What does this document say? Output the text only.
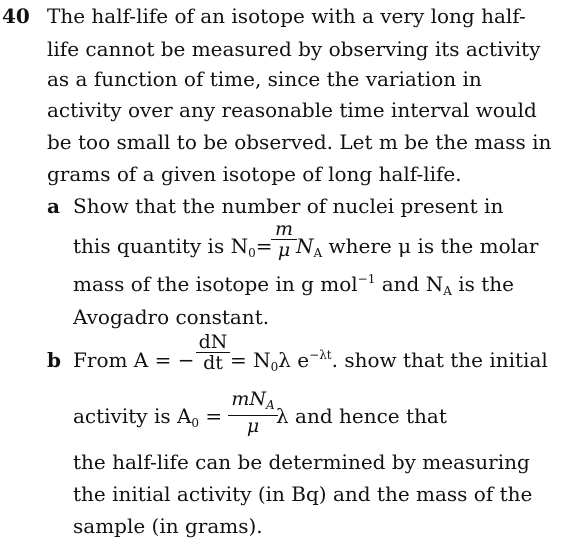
40 The half-life of an isotope with a very long half-
life cannot be measured by observing its activity
as a function of time, since the variation in
activity over any reasonable time interval would
be too small to be observed. Let m be the mass in
grams of a given isotope of long half-life.
a Show that the number of nuclei present in
this quantity is $N_0=$
m
μ $N_A$ where μ is the molar
mass of the isotope in g mol$^{-1}$ and $N_A$ is the
Avogadro constant.
b From A = −
dN
dt = $N_0\lambda$ $e^{-\lambda t}$. show that the initial
activity is $A_0$ =
$mN_A$
μ λ and hence that
the half-life can be determined by measuring
the initial activity (in Bq) and the mass of the
sample (in grams).
